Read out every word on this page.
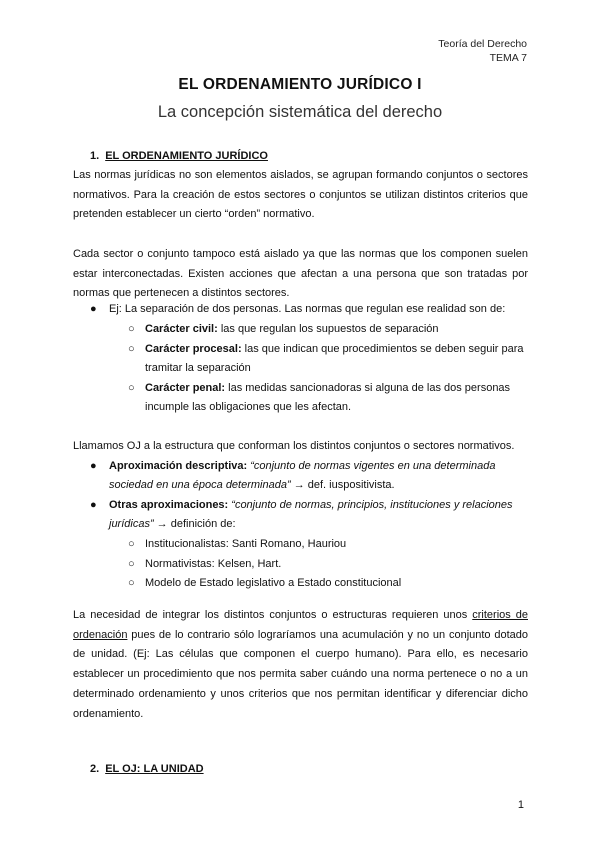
Teoría del Derecho
TEMA 7
EL ORDENAMIENTO JURÍDICO I
La concepción sistemática del derecho
1. EL ORDENAMIENTO JURÍDICO
Las normas jurídicas no son elementos aislados, se agrupan formando conjuntos o sectores normativos. Para la creación de estos sectores o conjuntos se utilizan distintos criterios que pretenden establecer un cierto “orden” normativo.
Cada sector o conjunto tampoco está aislado ya que las normas que los componen suelen estar interconectadas. Existen acciones que afectan a una persona que son tratadas por normas que pertenecen a distintos sectores.
● Ej: La separación de dos personas. Las normas que regulan ese realidad son de:
○ Carácter civil: las que regulan los supuestos de separación
○ Carácter procesal: las que indican que procedimientos se deben seguir para
tramitar la separación
○ Carácter penal: las medidas sancionadoras si alguna de las dos personas
incumple las obligaciones que les afectan.
Llamamos OJ a la estructura que conforman los distintos conjuntos o sectores normativos.
● Aproximación descriptiva: “conjunto de normas vigentes en una determinada
sociedad en una época determinada” → def. iuspositivista.
● Otras aproximaciones: “conjunto de normas, principios, instituciones y relaciones
jurídicas” → definición de:
○ Institucionalistas: Santi Romano, Hauriou
○ Normativistas: Kelsen, Hart.
○ Modelo de Estado legislativo a Estado constitucional
La necesidad de integrar los distintos conjuntos o estructuras requieren unos criterios de ordenación pues de lo contrario sólo lograríamos una acumulación y no un conjunto dotado de unidad. (Ej: Las células que componen el cuerpo humano). Para ello, es necesario establecer un procedimiento que nos permita saber cuándo una norma pertenece o no a un determinado ordenamiento y unos criterios que nos permitan identificar y diferenciar dicho ordenamiento.
2. EL OJ: LA UNIDAD
1
